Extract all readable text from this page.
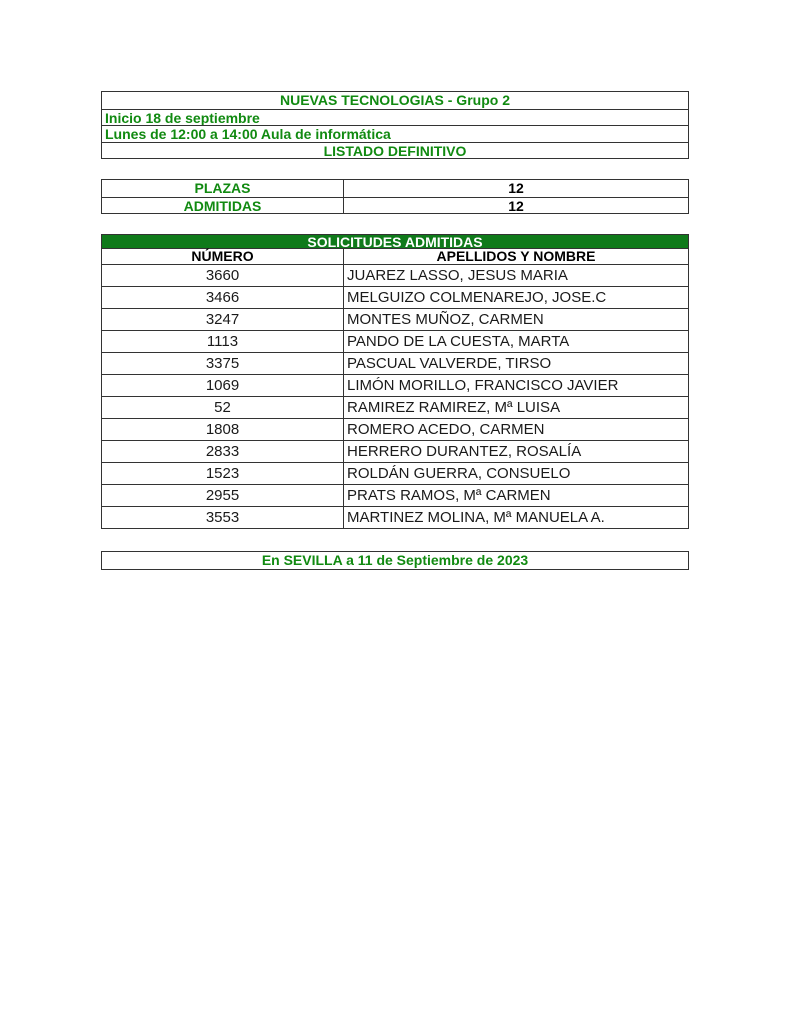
NUEVAS TECNOLOGIAS - Grupo 2
Inicio 18 de septiembre
Lunes de 12:00 a 14:00 Aula de informática
LISTADO DEFINITIVO
PLAZAS	12
ADMITIDAS	12
SOLICITUDES ADMITIDAS
NÚMERO	APELLIDOS Y NOMBRE
3660	JUAREZ LASSO, JESUS MARIA
3466	MELGUIZO COLMENAREJO, JOSE.C
3247	MONTES MUÑOZ, CARMEN
1113	PANDO DE LA CUESTA, MARTA
3375	PASCUAL VALVERDE, TIRSO
1069	LIMÓN MORILLO, FRANCISCO JAVIER
52	RAMIREZ RAMIREZ, Mª LUISA
1808	ROMERO ACEDO, CARMEN
2833	HERRERO DURANTEZ, ROSALÍA
1523	ROLDÁN GUERRA, CONSUELO
2955	PRATS RAMOS, Mª CARMEN
3553	MARTINEZ MOLINA, Mª MANUELA A.
En SEVILLA a 11 de Septiembre de 2023
